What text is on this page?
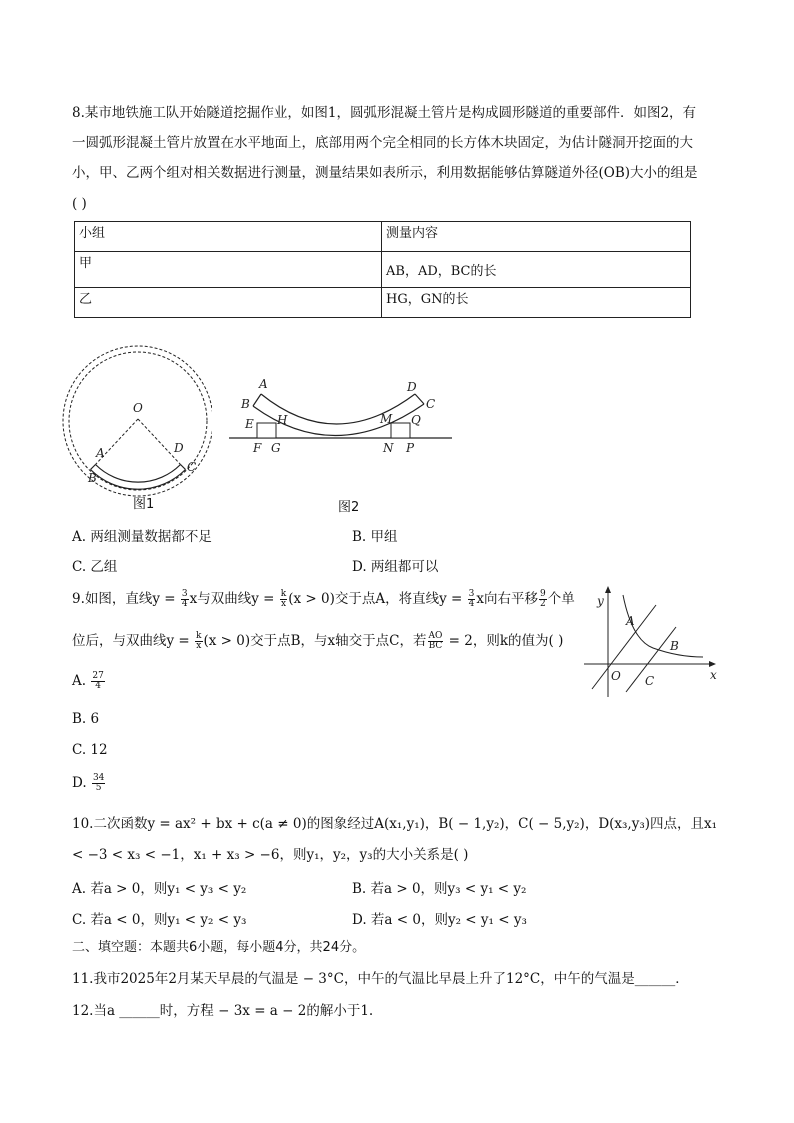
8.某市地铁施工队开始隧道挖掘作业，如图1，圆弧形混凝土管片是构成圆形隧道的重要部件．如图2，有
一圆弧形混凝土管片放置在水平地面上，底部用两个完全相同的长方体木块固定，为估计隧洞开挖面的大
小，甲、乙两个组对相关数据进行测量，测量结果如表所示，利用数据能够估算隧道外径(OB)大小的组是
( )
小组	测量内容
甲	AB，AD，BC的长
乙	HG，GN的长
O
A
B
D
C
图1
A
B
D
C
E H	M Q
F G	N P
图2
A. 两组测量数据都不足	B. 甲组
C. 乙组	D. 两组都可以
9.如图，直线$y = \frac{3}{4}$ x与双曲线$y = \frac{k}{x} (x > 0)$交于点A，将直线$y = \frac{3}{4}$ x向右平移 $\frac{9}{2}$ 个单
位后，与双曲线$y = \frac{k}{x} (x > 0)$交于点B，与x轴交于点C，若 $\frac{AO}{BC} = 2$，则k的值为( )
y
x
O
A
B
C
A. $\frac{27}{4}$
B. 6
C. 12
D. $\frac{34}{5}$
10.二次函数y = ax² + bx + c(a ≠ 0)的图象经过A(x₁,y₁)，B( − 1,y₂)，C( − 5,y₂)，D(x₃,y₃)四点，且x₁
< −3 < x₃ < −1，x₁ + x₃ > −6，则y₁，y₂，y₃的大小关系是( )
A. 若a > 0，则y₁ < y₃ < y₂	B. 若a > 0，则y₃ < y₁ < y₂
C. 若a < 0，则y₁ < y₂ < y₃	D. 若a < 0，则y₂ < y₁ < y₃
二、填空题：本题共6小题，每小题4分，共24分。
11.我市2025年2月某天早晨的气温是 − 3°C，中午的气温比早晨上升了12°C，中午的气温是______．
12.当a ______时，方程 − 3x = a − 2的解小于1.
